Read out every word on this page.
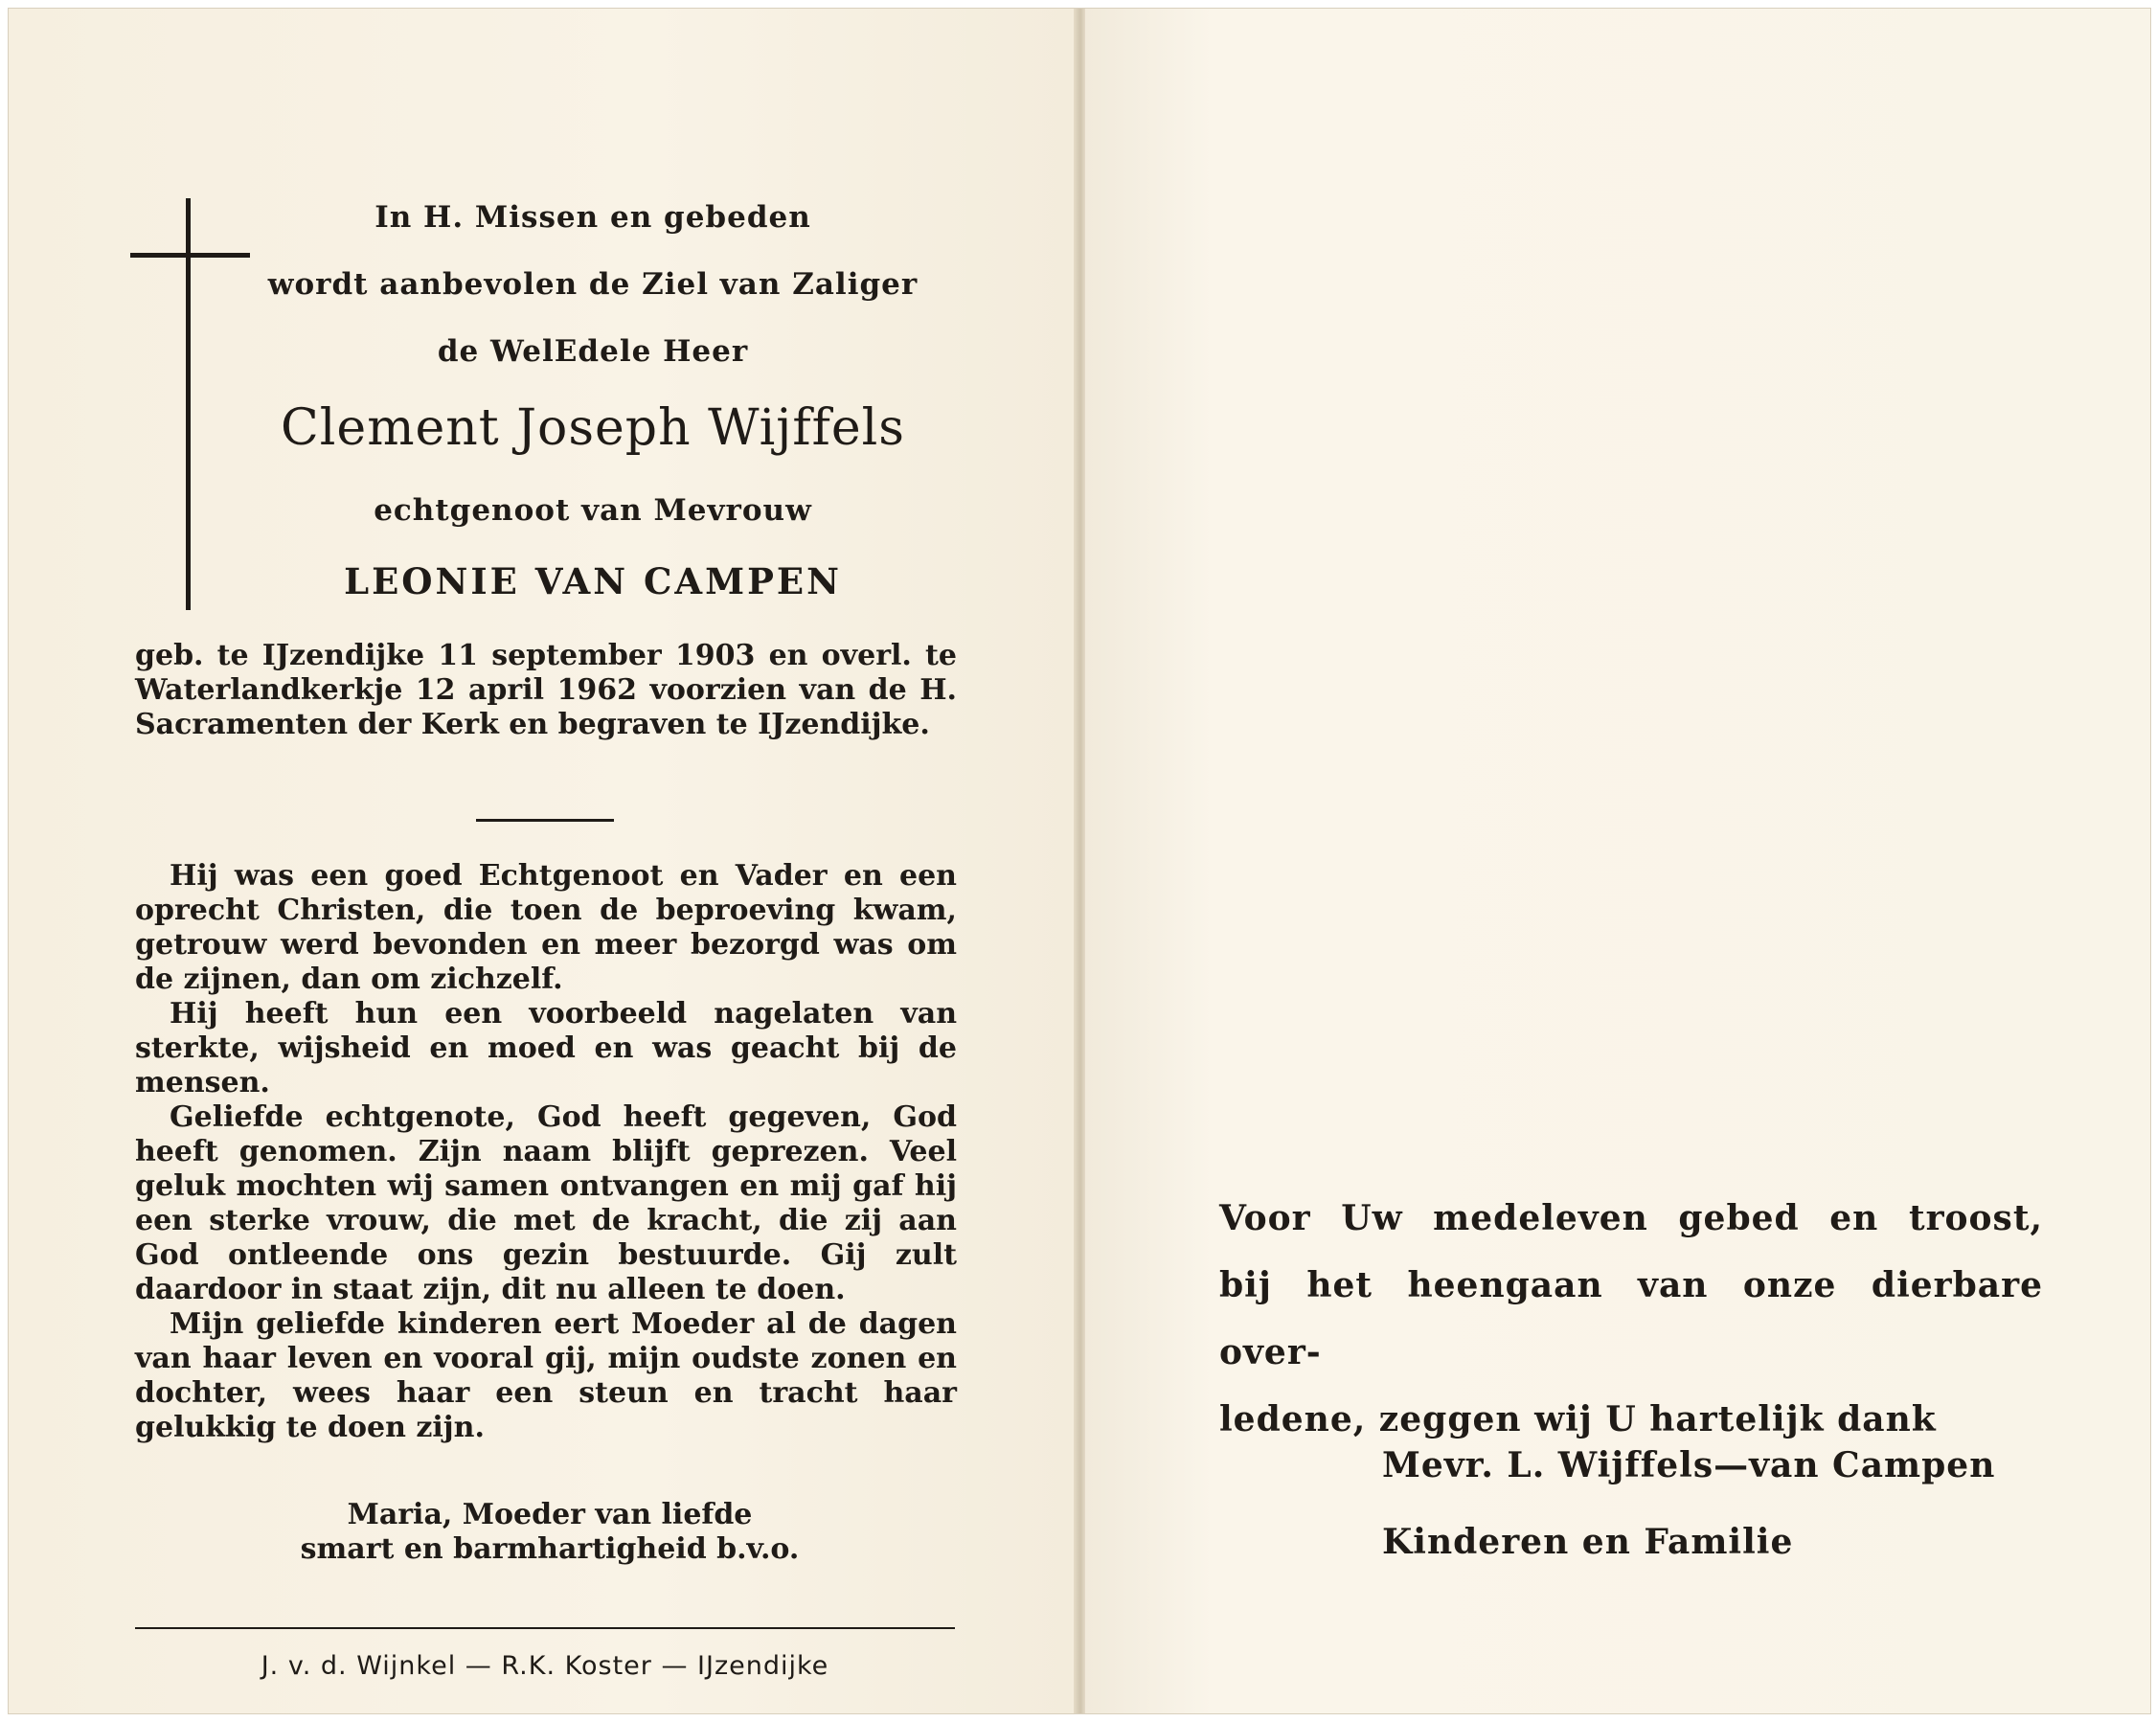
In H. Missen en gebeden
wordt aanbevolen de Ziel van Zaliger
de WelEdele Heer
Clement Joseph Wijffels
echtgenoot van Mevrouw
LEONIE VAN CAMPEN
geb. te IJzendijke 11 september 1903 en overl. te Waterlandkerkje 12 april 1962 voorzien van de H. Sacramenten der Kerk en begraven te IJzendijke.

Hij was een goed Echtgenoot en Vader en een oprecht Christen, die toen de beproeving kwam, getrouw werd bevonden en meer bezorgd was om de zijnen, dan om zichzelf.

Hij heeft hun een voorbeeld nagelaten van sterkte, wijsheid en moed en was geacht bij de mensen.

Geliefde echtgenote, God heeft gegeven, God heeft genomen. Zijn naam blijft geprezen. Veel geluk mochten wij samen ontvangen en mij gaf hij een sterke vrouw, die met de kracht, die zij aan God ontleende ons gezin bestuurde. Gij zult daardoor in staat zijn, dit nu alleen te doen.

Mijn geliefde kinderen eert Moeder al de dagen van haar leven en vooral gij, mijn oudste zonen en dochter, wees haar een steun en tracht haar gelukkig te doen zijn.

Maria, Moeder van liefde
smart en barmhartigheid b.v.o.
J. v. d. Wijnkel — R.K. Koster — IJzendijke
Voor Uw medeleven gebed en troost,
bij het heengaan van onze dierbare over-
ledene, zeggen wij U hartelijk dank
Mevr. L. Wijffels—van Campen
Kinderen en Familie
